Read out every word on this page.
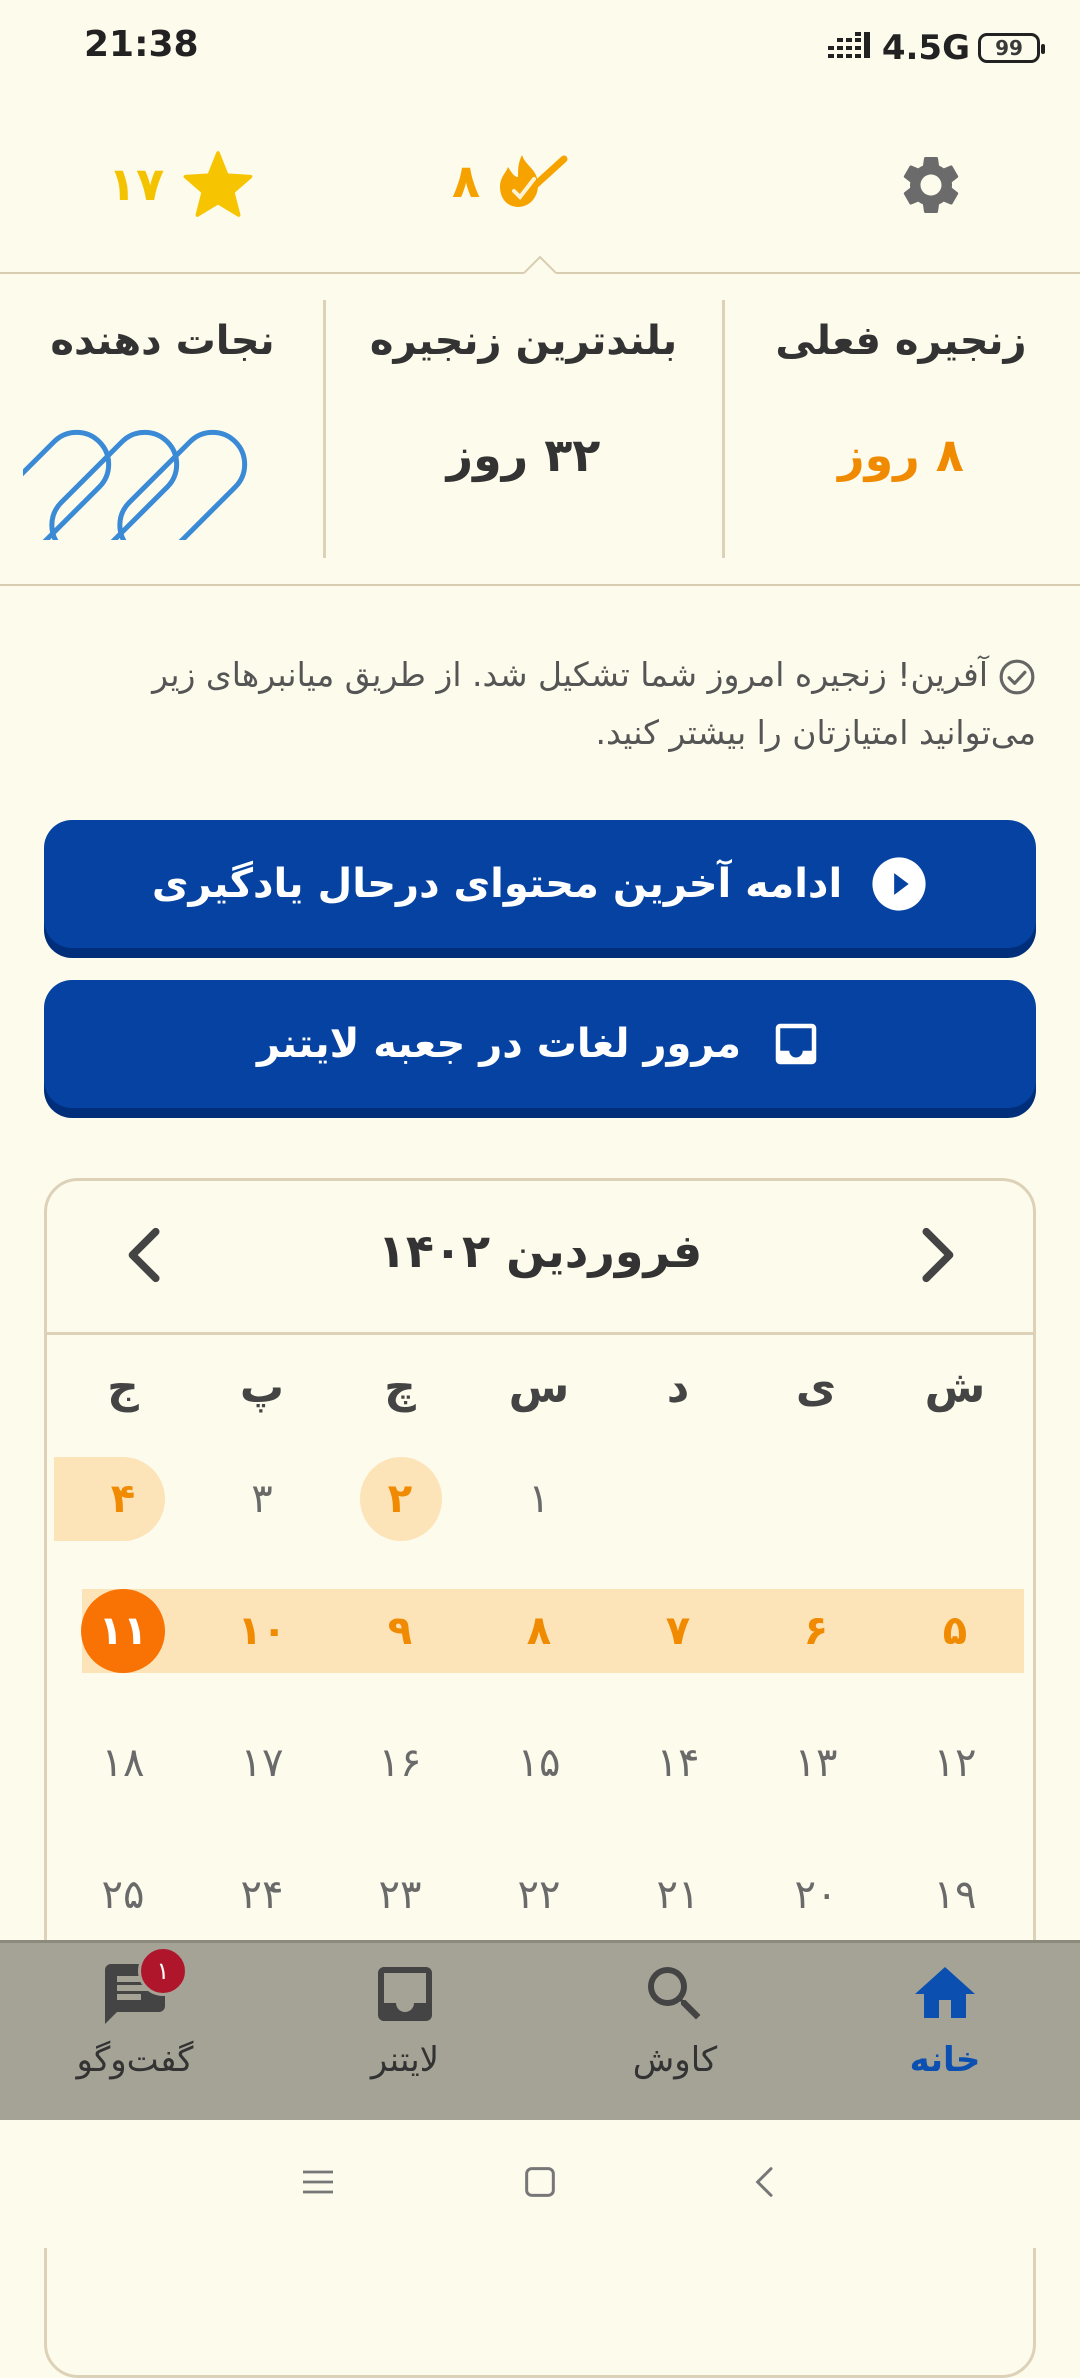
21:38	4.5G 99
۱۷	۸
زنجیره فعلی
۸ روز
بلندترین زنجیره
۳۲ روز
نجات دهنده
آفرین! زنجیره امروز شما تشکیل شد. از طریق میانبرهای زیر می‌توانید امتیازتان را بیشتر کنید.
ادامه آخرین محتوای درحال یادگیری
مرور لغات در جعبه لایتنر
فروردین ۱۴۰۲
ش
ی
د
س
چ
پ
ج
۱
۲
۳
۴
۵
۶
۷
۸
۹
۱۰
۱۱
۱۲
۱۳
۱۴
۱۵
۱۶
۱۷
۱۸
۱۹
۲۰
۲۱
۲۲
۲۳
۲۴
۲۵
خانه
کاوش
لایتنر
گفت‌وگو
۱
